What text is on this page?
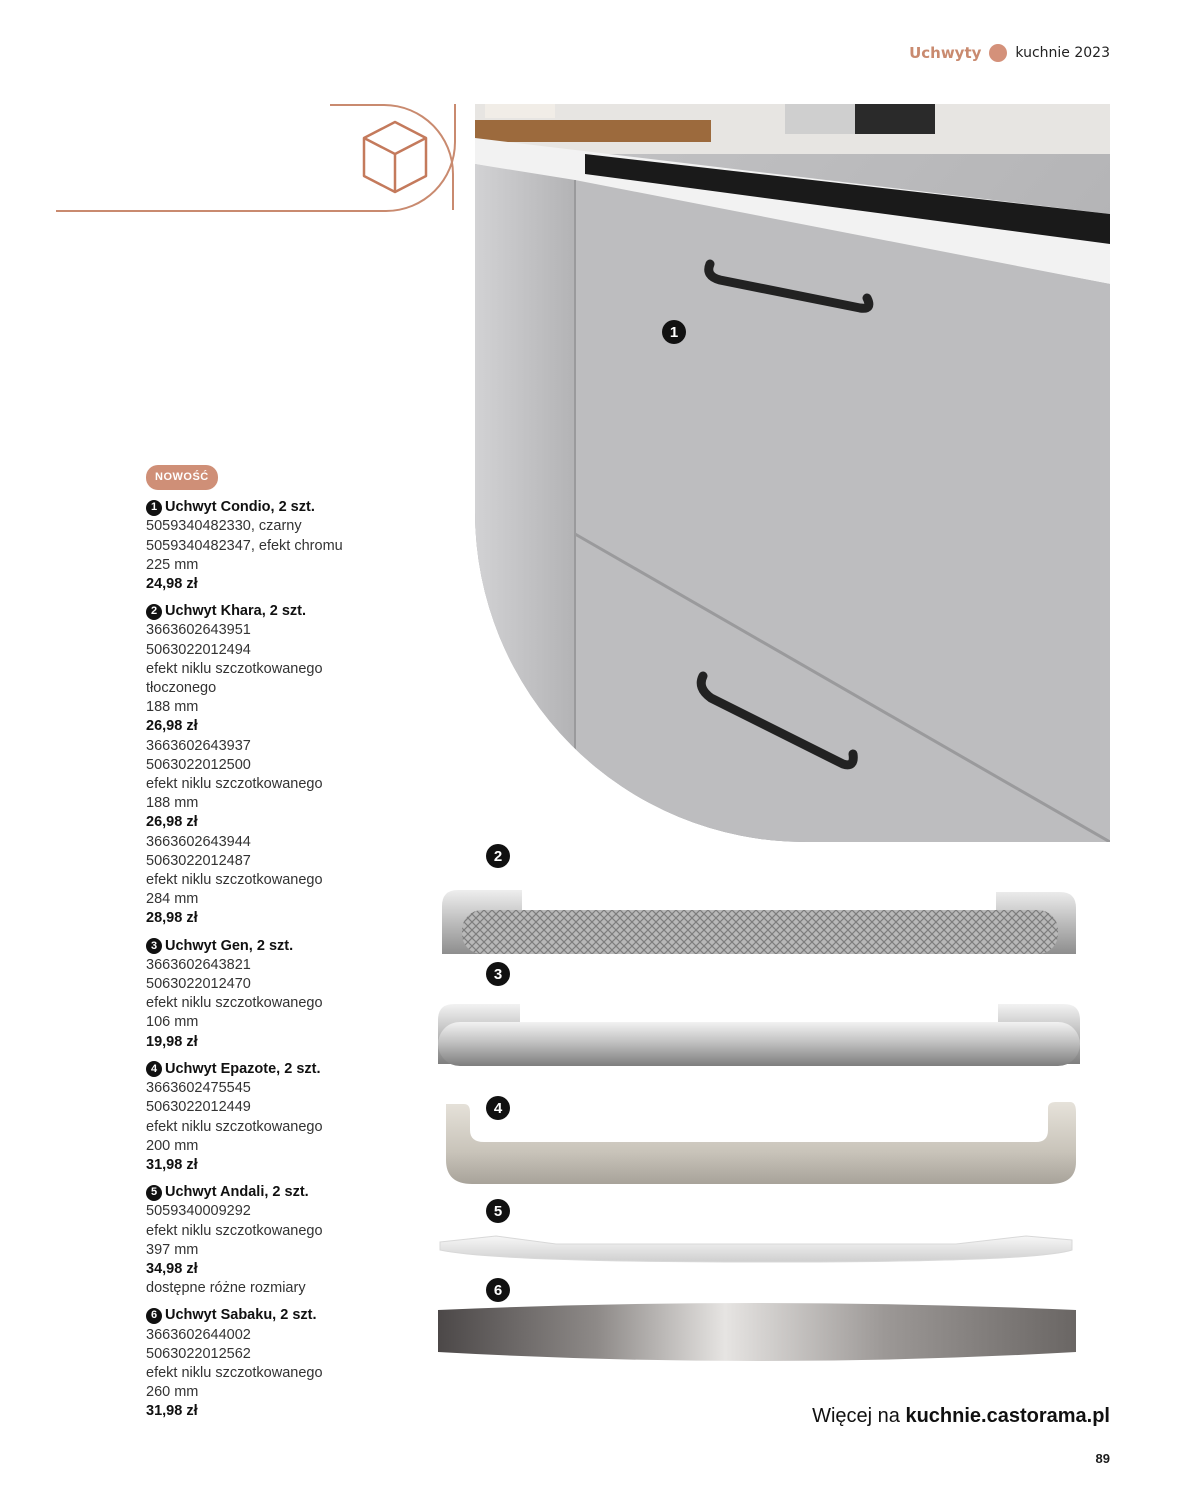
Uchwyty kuchnie 2023
NOWOŚĆ
1 Uchwyt Condio, 2 szt.
5059340482330, czarny
5059340482347, efekt chromu
225 mm
24,98 zł
2 Uchwyt Khara, 2 szt.
3663602643951
5063022012494
efekt niklu szczotkowanego
tłoczonego
188 mm
26,98 zł
3663602643937
5063022012500
efekt niklu szczotkowanego
188 mm
26,98 zł
3663602643944
5063022012487
efekt niklu szczotkowanego
284 mm
28,98 zł
3 Uchwyt Gen, 2 szt.
3663602643821
5063022012470
efekt niklu szczotkowanego
106 mm
19,98 zł
4 Uchwyt Epazote, 2 szt.
3663602475545
5063022012449
efekt niklu szczotkowanego
200 mm
31,98 zł
5 Uchwyt Andali, 2 szt.
5059340009292
efekt niklu szczotkowanego
397 mm
34,98 zł
dostępne różne rozmiary
6 Uchwyt Sabaku, 2 szt.
3663602644002
5063022012562
efekt niklu szczotkowanego
260 mm
31,98 zł
1
2
3
4
5
6
Więcej na kuchnie.castorama.pl
89
